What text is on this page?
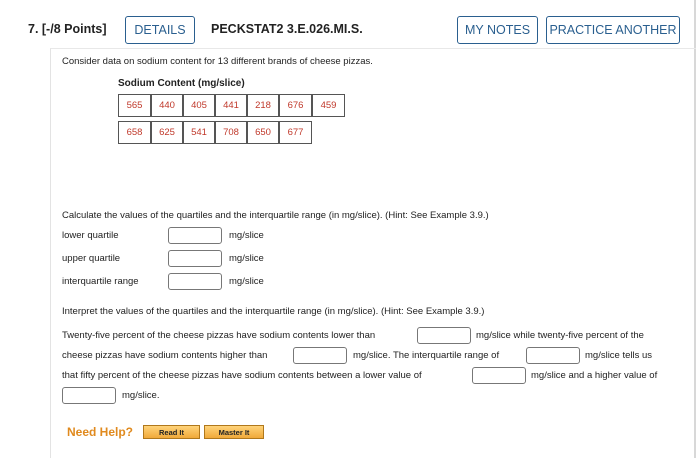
7. [-/8 Points]	DETAILS	PECKSTAT2 3.E.026.MI.S.	MY NOTES	PRACTICE ANOTHER
Consider data on sodium content for 13 different brands of cheese pizzas.
Sodium Content (mg/slice)
565	440	405	441	218	676	459
658	625	541	708	650	677
Calculate the values of the quartiles and the interquartile range (in mg/slice). (Hint: See Example 3.9.)
lower quartile	mg/slice
upper quartile	mg/slice
interquartile range	mg/slice
Interpret the values of the quartiles and the interquartile range (in mg/slice). (Hint: See Example 3.9.)
Twenty-five percent of the cheese pizzas have sodium contents lower than	mg/slice while twenty-five percent of the
cheese pizzas have sodium contents higher than	mg/slice. The interquartile range of	mg/slice tells us
that fifty percent of the cheese pizzas have sodium contents between a lower value of	mg/slice and a higher value of
mg/slice.
Need Help?	Read It	Master It
